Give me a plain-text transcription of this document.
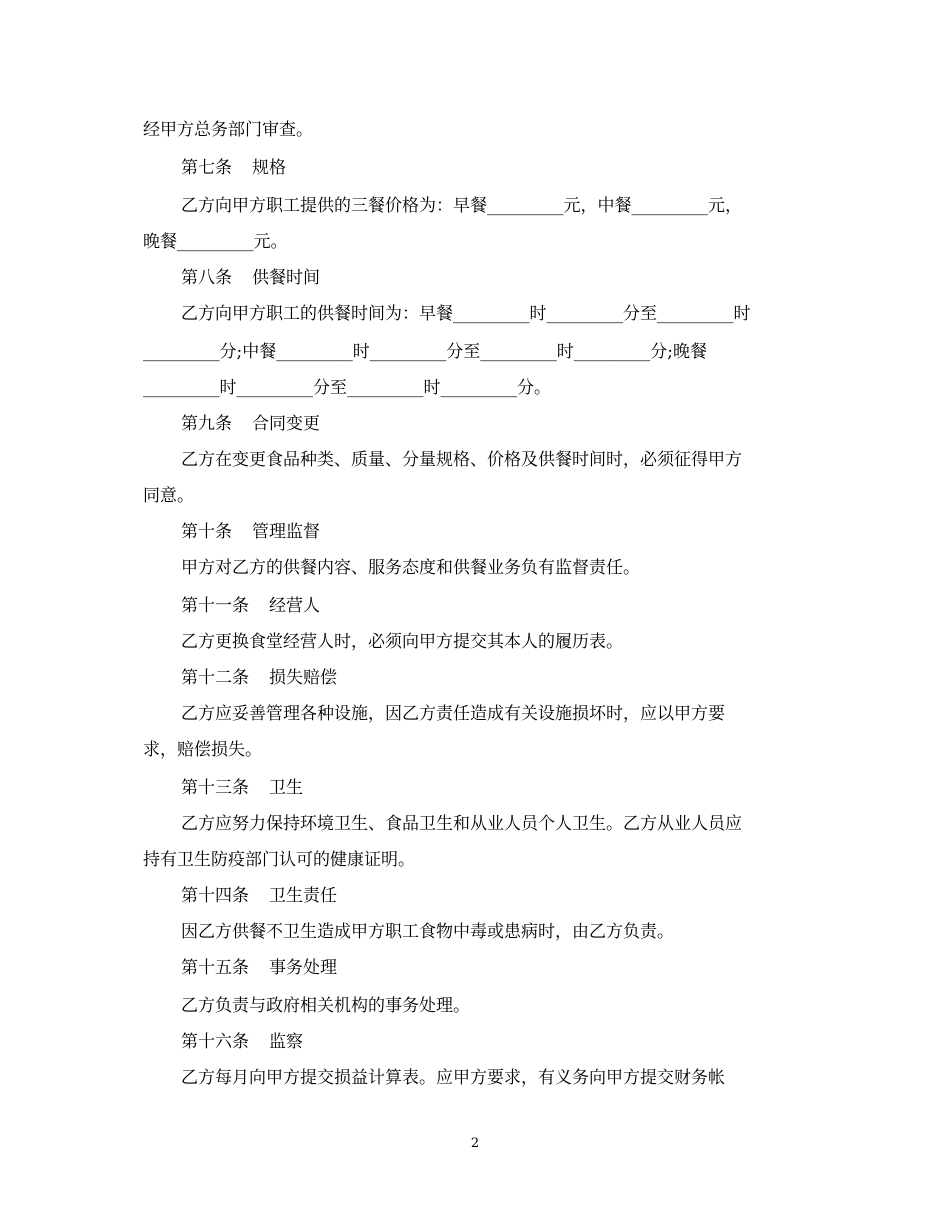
经甲方总务部门审查。
第七条 规格
乙方向甲方职工提供的三餐价格为：早餐_________元，中餐_________元，
晚餐_________元。
第八条 供餐时间
乙方向甲方职工的供餐时间为：早餐_________时_________分至_________时
_________分;中餐_________时_________分至_________时_________分;晚餐
_________时_________分至_________时_________分。
第九条 合同变更
乙方在变更食品种类、质量、分量规格、价格及供餐时间时，必须征得甲方
同意。
第十条 管理监督
甲方对乙方的供餐内容、服务态度和供餐业务负有监督责任。
第十一条 经营人
乙方更换食堂经营人时，必须向甲方提交其本人的履历表。
第十二条 损失赔偿
乙方应妥善管理各种设施，因乙方责任造成有关设施损坏时，应以甲方要
求，赔偿损失。
第十三条 卫生
乙方应努力保持环境卫生、食品卫生和从业人员个人卫生。乙方从业人员应
持有卫生防疫部门认可的健康证明。
第十四条 卫生责任
因乙方供餐不卫生造成甲方职工食物中毒或患病时，由乙方负责。
第十五条 事务处理
乙方负责与政府相关机构的事务处理。
第十六条 监察
乙方每月向甲方提交损益计算表。应甲方要求，有义务向甲方提交财务帐
2
